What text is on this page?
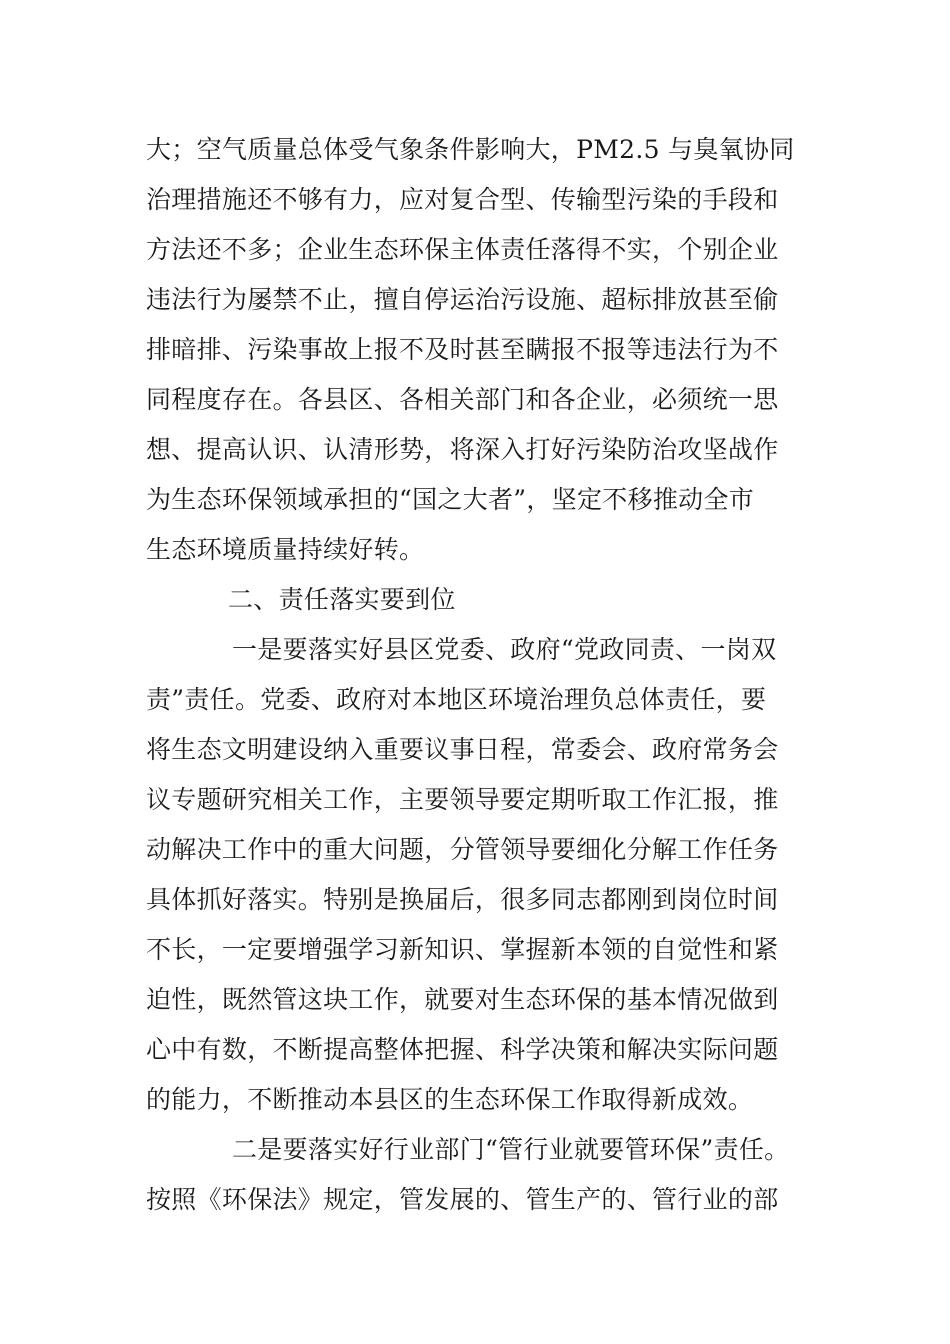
大；空气质量总体受气象条件影响大，PM2.5 与臭氧协同
治理措施还不够有力，应对复合型、传输型污染的手段和
方法还不多；企业生态环保主体责任落得不实，个别企业
违法行为屡禁不止，擅自停运治污设施、超标排放甚至偷
排暗排、污染事故上报不及时甚至瞒报不报等违法行为不
同程度存在。各县区、各相关部门和各企业，必须统一思
想、提高认识、认清形势，将深入打好污染防治攻坚战作
为生态环保领域承担的“国之大者”，坚定不移推动全市
生态环境质量持续好转。
二、责任落实要到位
一是要落实好县区党委、政府“党政同责、一岗双
责”责任。党委、政府对本地区环境治理负总体责任，要
将生态文明建设纳入重要议事日程，常委会、政府常务会
议专题研究相关工作，主要领导要定期听取工作汇报，推
动解决工作中的重大问题，分管领导要细化分解工作任务
具体抓好落实。特别是换届后，很多同志都刚到岗位时间
不长，一定要增强学习新知识、掌握新本领的自觉性和紧
迫性，既然管这块工作，就要对生态环保的基本情况做到
心中有数，不断提高整体把握、科学决策和解决实际问题
的能力，不断推动本县区的生态环保工作取得新成效。
二是要落实好行业部门“管行业就要管环保”责任。
按照《环保法》规定，管发展的、管生产的、管行业的部
